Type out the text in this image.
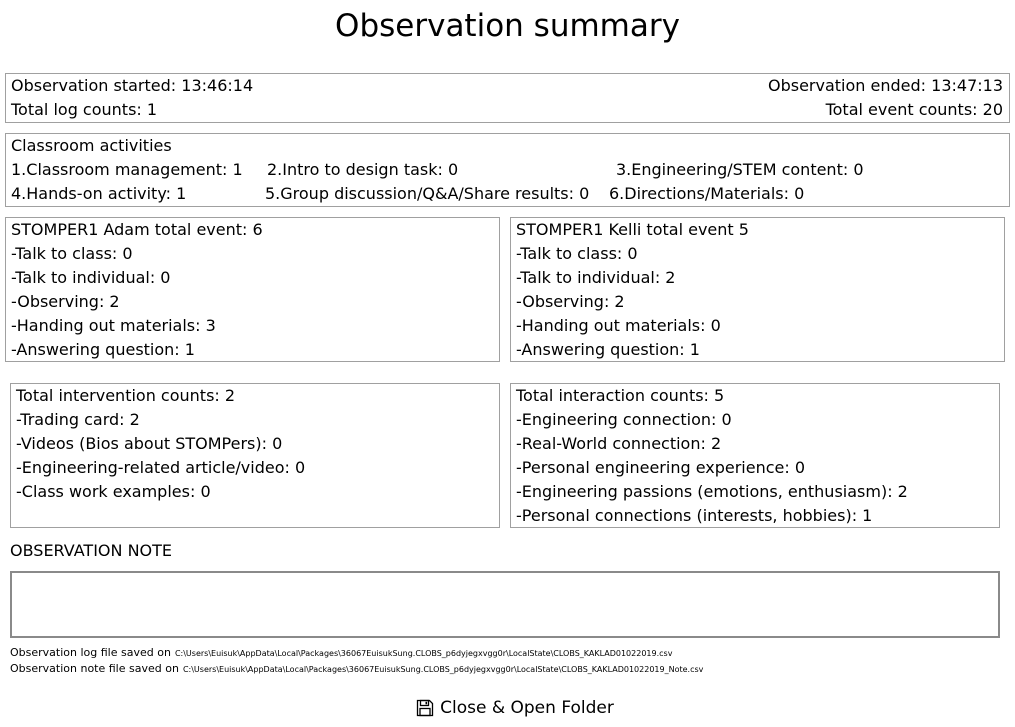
Observation summary
Observation started: 13:46:14	Observation ended: 13:47:13
Total log counts: 1	Total event counts: 20
Classroom activities
1.Classroom management: 1 2.Intro to design task: 0	3.Engineering/STEM content: 0
4.Hands-on activity: 1	5.Group discussion/Q&A/Share results: 0 6.Directions/Materials: 0
STOMPER1 Adam total event: 6
-Talk to class: 0
-Talk to individual: 0
-Observing: 2
-Handing out materials: 3
-Answering question: 1
STOMPER1 Kelli total event 5
-Talk to class: 0
-Talk to individual: 2
-Observing: 2
-Handing out materials: 0
-Answering question: 1
Total intervention counts: 2
-Trading card: 2
-Videos (Bios about STOMPers): 0
-Engineering-related article/video: 0
-Class work examples: 0
Total interaction counts: 5
-Engineering connection: 0
-Real-World connection: 2
-Personal engineering experience: 0
-Engineering passions (emotions, enthusiasm): 2
-Personal connections (interests, hobbies): 1
OBSERVATION NOTE
Observation log file saved on C:\Users\Euisuk\AppData\Local\Packages\36067EuisukSung.CLOBS_p6dyjegxvgg0r\LocalState\CLOBS_KAKLAD01022019.csv
Observation note file saved on C:\Users\Euisuk\AppData\Local\Packages\36067EuisukSung.CLOBS_p6dyjegxvgg0r\LocalState\CLOBS_KAKLAD01022019_Note.csv
Close & Open Folder
